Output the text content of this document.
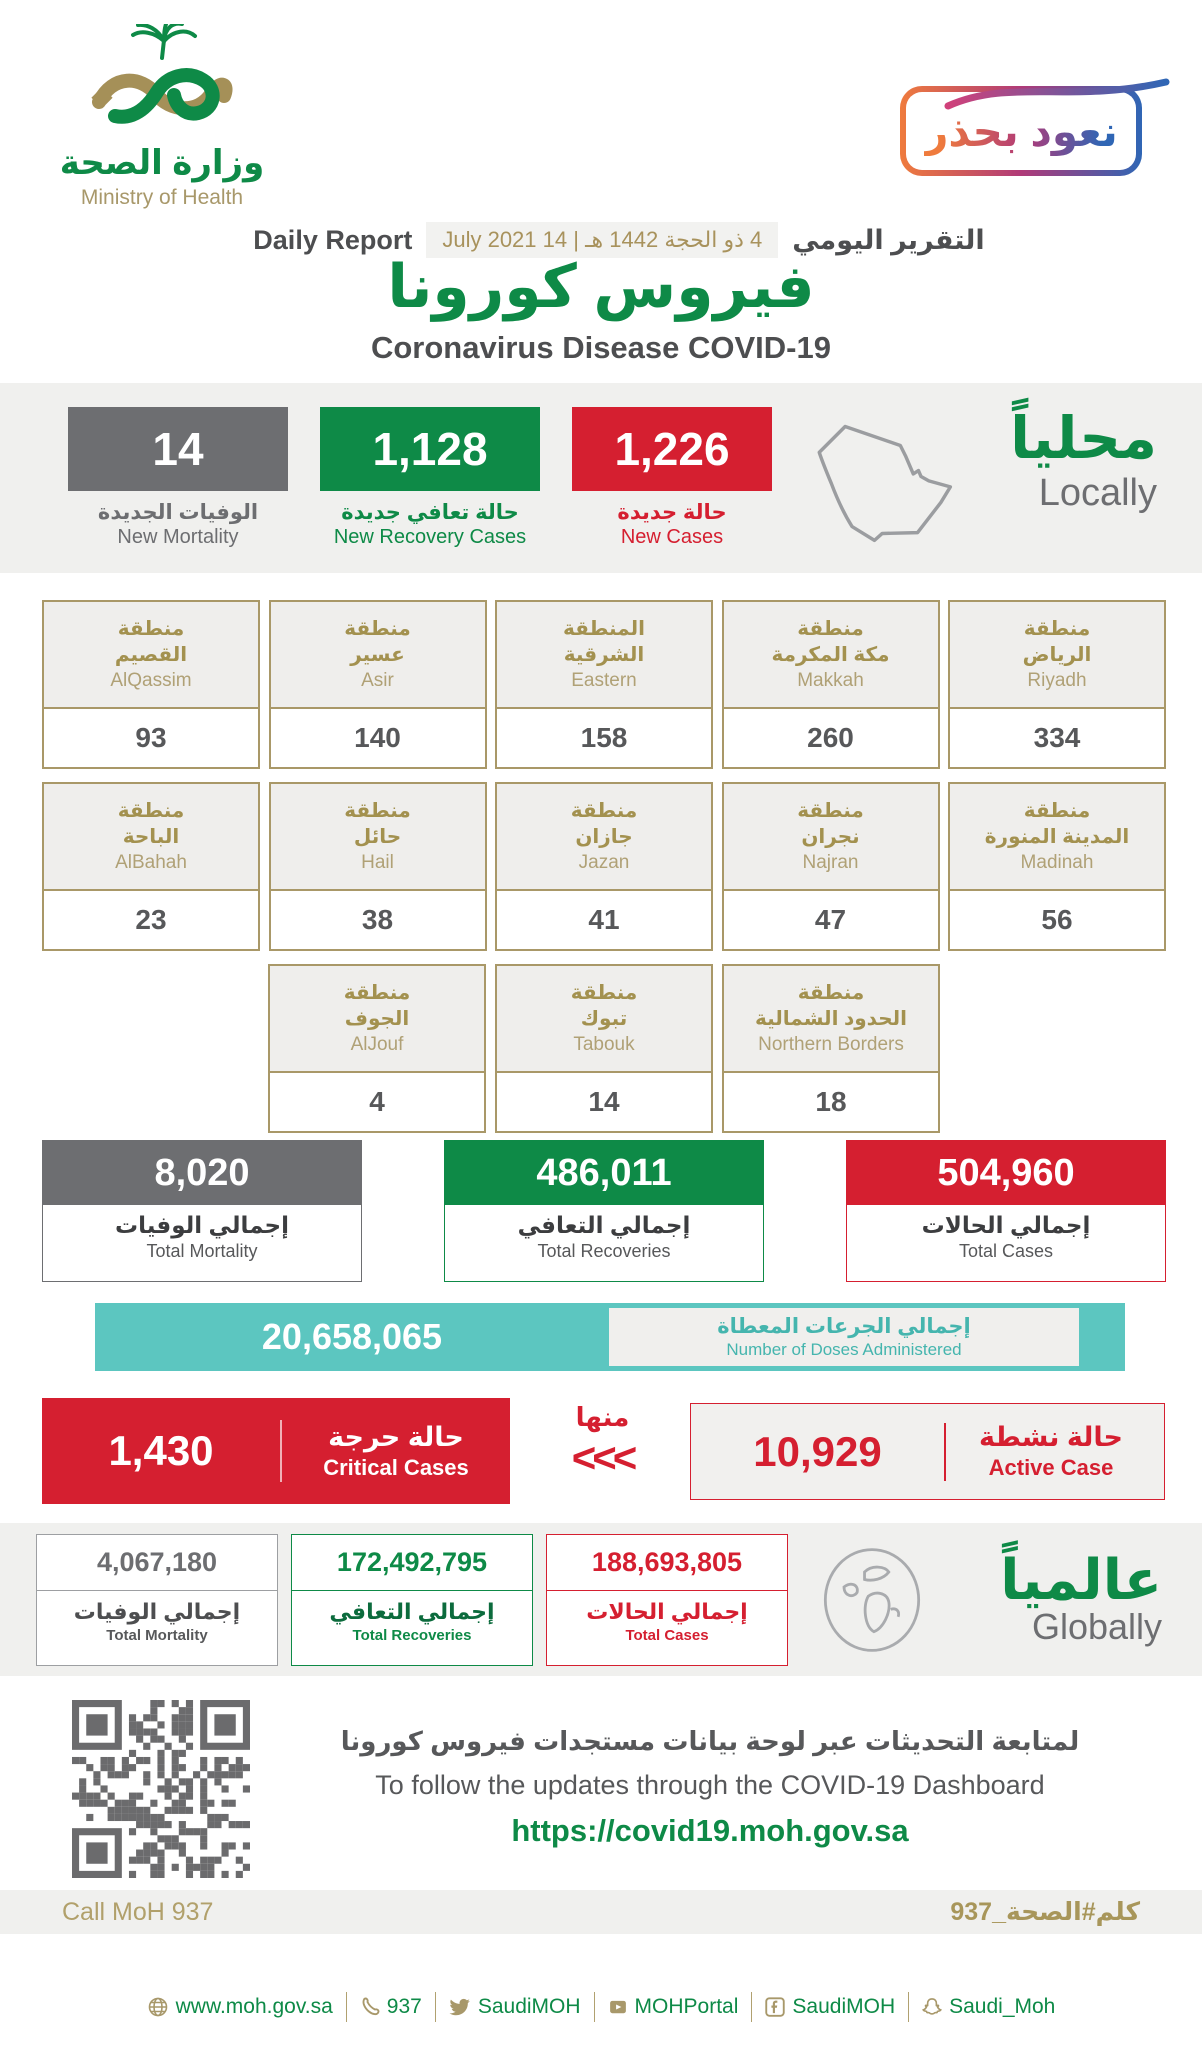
وزارة الصحة
Ministry of Health
نعود بحذر
Daily Report	4 ذو الحجة 1442 هـ | 14 July 2021	التقرير اليومي
فيروس كورونا
Coronavirus Disease COVID-19
14
الوفيات الجديدة
New Mortality
1,128
حالة تعافي جديدة
New Recovery Cases
1,226
حالة جديدة
New Cases
محلياً
Locally
منطقة
القصيم
AlQassim
93
منطقة
عسير
Asir
140
المنطقة
الشرقية
Eastern
158
منطقة
مكة المكرمة
Makkah
260
منطقة
الرياض
Riyadh
334
منطقة
الباحة
AlBahah
23
منطقة
حائل
Hail
38
منطقة
جازان
Jazan
41
منطقة
نجران
Najran
47
منطقة
المدينة المنورة
Madinah
56
منطقة
الجوف
AlJouf
4
منطقة
تبوك
Tabouk
14
منطقة
الحدود الشمالية
Northern Borders
18
8,020
إجمالي الوفيات
Total Mortality
486,011
إجمالي التعافي
Total Recoveries
504,960
إجمالي الحالات
Total Cases
20,658,065	إجمالي الجرعات المعطاة
Number of Doses Administered
1,430	حالة حرجة
Critical Cases
منها
<<<	10,929	حالة نشطة
Active Case
4,067,180
إجمالي الوفيات
Total Mortality
172,492,795
إجمالي التعافي
Total Recoveries
188,693,805
إجمالي الحالات
Total Cases
عالمياً
Globally
لمتابعة التحديثات عبر لوحة بيانات مستجدات فيروس كورونا
To follow the updates through the COVID-19 Dashboard
https://covid19.moh.gov.sa
Call MoH 937	كلم#الصحة_937
www.moh.gov.sa	937	SaudiMOH	MOHPortal	SaudiMOH	Saudi_Moh
